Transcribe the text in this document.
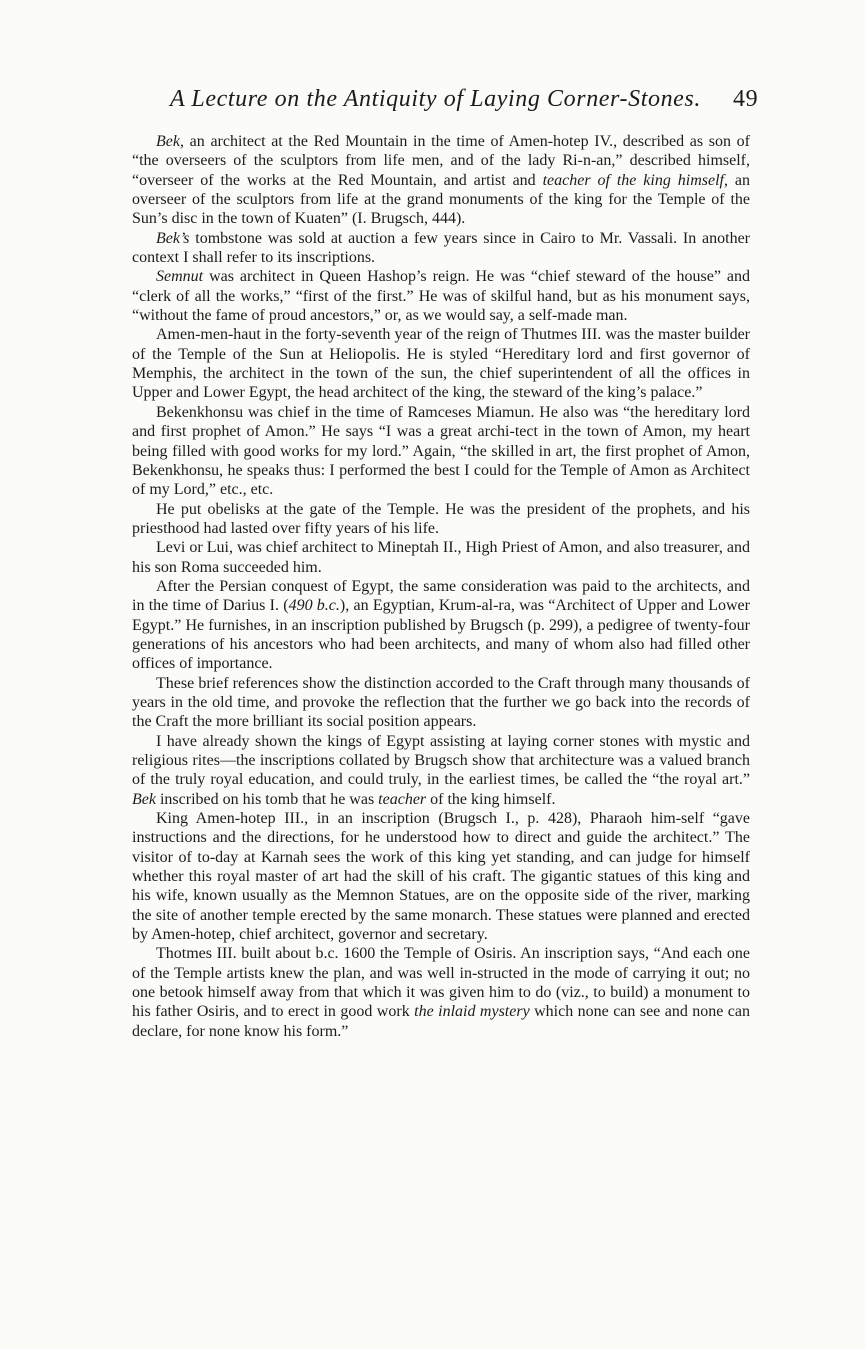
A Lecture on the Antiquity of Laying Corner-Stones.	49

Bek, an architect at the Red Mountain in the time of Amen-hotep IV., described as son of “the overseers of the sculptors from life men, and of the lady Ri-n-an,” described himself, “overseer of the works at the Red Mountain, and artist and teacher of the king himself, an overseer of the sculptors from life at the grand monuments of the king for the Temple of the Sun’s disc in the town of Kuaten” (I. Brugsch, 444).

Bek’s tombstone was sold at auction a few years since in Cairo to Mr. Vassali. In another context I shall refer to its inscriptions.

Semnut was architect in Queen Hashop’s reign. He was “chief steward of the house” and “clerk of all the works,” “first of the first.” He was of skilful hand, but as his monument says, “without the fame of proud ancestors,” or, as we would say, a self-made man.

Amen-men-haut in the forty-seventh year of the reign of Thutmes III. was the master builder of the Temple of the Sun at Heliopolis. He is styled “Hereditary lord and first governor of Memphis, the architect in the town of the sun, the chief superintendent of all the offices in Upper and Lower Egypt, the head architect of the king, the steward of the king’s palace.”

Bekenkhonsu was chief in the time of Ramceses Miamun. He also was “the hereditary lord and first prophet of Amon.” He says “I was a great archi-tect in the town of Amon, my heart being filled with good works for my lord.” Again, “the skilled in art, the first prophet of Amon, Bekenkhonsu, he speaks thus: I performed the best I could for the Temple of Amon as Architect of my Lord,” etc., etc.

He put obelisks at the gate of the Temple. He was the president of the prophets, and his priesthood had lasted over fifty years of his life.

Levi or Lui, was chief architect to Mineptah II., High Priest of Amon, and also treasurer, and his son Roma succeeded him.

After the Persian conquest of Egypt, the same consideration was paid to the architects, and in the time of Darius I. (490 b.c.), an Egyptian, Krum-al-ra, was “Architect of Upper and Lower Egypt.” He furnishes, in an inscription published by Brugsch (p. 299), a pedigree of twenty-four generations of his ancestors who had been architects, and many of whom also had filled other offices of importance.

These brief references show the distinction accorded to the Craft through many thousands of years in the old time, and provoke the reflection that the further we go back into the records of the Craft the more brilliant its social position appears.

I have already shown the kings of Egypt assisting at laying corner stones with mystic and religious rites—the inscriptions collated by Brugsch show that architecture was a valued branch of the truly royal education, and could truly, in the earliest times, be called the “the royal art.” Bek inscribed on his tomb that he was teacher of the king himself.

King Amen-hotep III., in an inscription (Brugsch I., p. 428), Pharaoh him-self “gave instructions and the directions, for he understood how to direct and guide the architect.” The visitor of to-day at Karnah sees the work of this king yet standing, and can judge for himself whether this royal master of art had the skill of his craft. The gigantic statues of this king and his wife, known usually as the Memnon Statues, are on the opposite side of the river, marking the site of another temple erected by the same monarch. These statues were planned and erected by Amen-hotep, chief architect, governor and secretary.

Thotmes III. built about b.c. 1600 the Temple of Osiris. An inscription says, “And each one of the Temple artists knew the plan, and was well in-structed in the mode of carrying it out; no one betook himself away from that which it was given him to do (viz., to build) a monument to his father Osiris, and to erect in good work the inlaid mystery which none can see and none can declare, for none know his form.”
